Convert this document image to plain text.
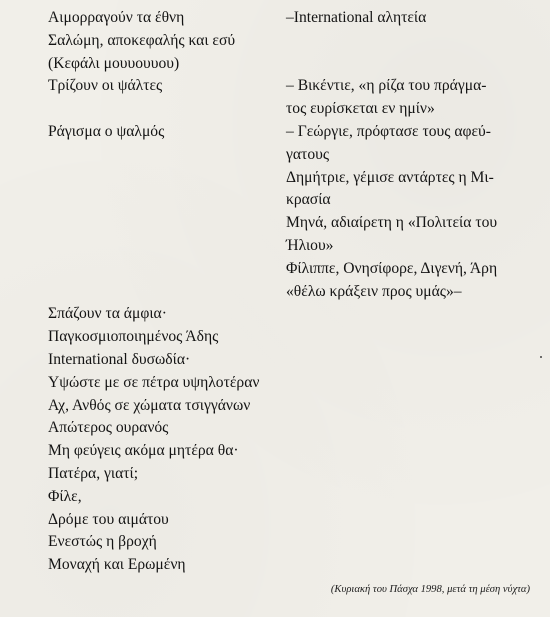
Αιμορραγούν τα έθνη
Σαλώμη, αποκεφαλής και εσύ
(Κεφάλι μουυουυου)
Τρίζουν οι ψάλτες
Ράγισμα ο ψαλμός
Σπάζουν τα άμφια·
Παγκοσμιοποιημένος Άδης
International δυσωδία·
Υψώστε με σε πέτρα υψηλοτέραν
Αχ, Ανθός σε χώματα τσιγγάνων
Απώτερος ουρανός
Μη φεύγεις ακόμα μητέρα θα·
Πατέρα, γιατί;
Φίλε,
Δρόμε του αιμάτου
Ενεστώς η βροχή
Μοναχή και Ερωμένη
–International αλητεία
– Βικέντιε, «η ρίζα του πράγμα-
τος ευρίσκεται εν ημίν»
– Γεώργιε, πρόφτασε τους αφεύ-
γατους
Δημήτριε, γέμισε αντάρτες η Μι-
κρασία
Μηνά, αδιαίρετη η «Πολιτεία του
Ήλιου»
Φίλιππε, Ονησίφορε, Διγενή, Άρη
«θέλω κράξειν προς υμάς»–
(Κυριακή του Πάσχα 1998, μετά τη μέση νύχτα)
